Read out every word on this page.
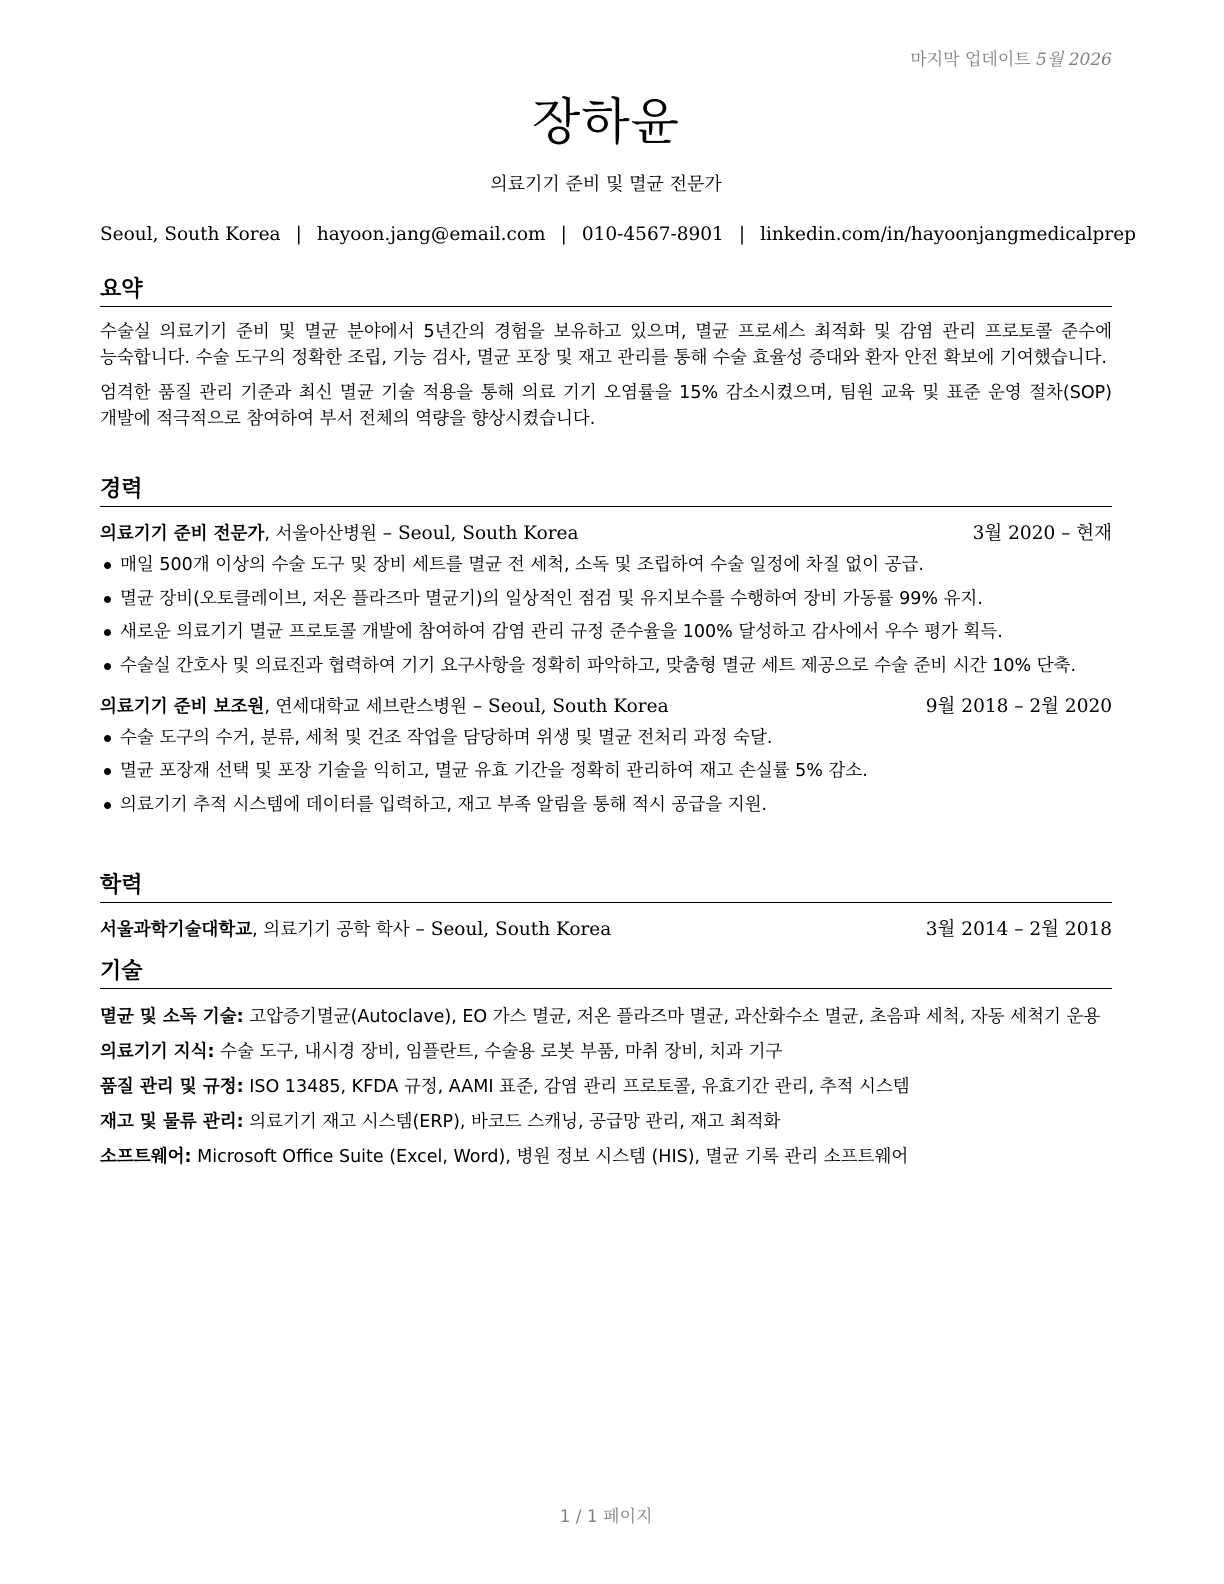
마지막 업데이트 5월 2026
장하윤
의료기기 준비 및 멸균 전문가
Seoul, South Korea | hayoon.jang@email.com | 010-4567-8901 | linkedin.com/in/hayoonjangmedicalprep
요약

수술실 의료기기 준비 및 멸균 분야에서 5년간의 경험을 보유하고 있으며, 멸균 프로세스 최적화 및 감염 관리 프로토콜 준수에 능숙합니다. 수술 도구의 정확한 조립, 기능 검사, 멸균 포장 및 재고 관리를 통해 수술 효율성 증대와 환자 안전 확보에 기여했습니다.

엄격한 품질 관리 기준과 최신 멸균 기술 적용을 통해 의료 기기 오염률을 15% 감소시켰으며, 팀원 교육 및 표준 운영 절차(SOP) 개발에 적극적으로 참여하여 부서 전체의 역량을 향상시켰습니다.

경력
의료기기 준비 전문가, 서울아산병원 – Seoul, South Korea	3월 2020 – 현재
매일 500개 이상의 수술 도구 및 장비 세트를 멸균 전 세척, 소독 및 조립하여 수술 일정에 차질 없이 공급.
멸균 장비(오토클레이브, 저온 플라즈마 멸균기)의 일상적인 점검 및 유지보수를 수행하여 장비 가동률 99% 유지.
새로운 의료기기 멸균 프로토콜 개발에 참여하여 감염 관리 규정 준수율을 100% 달성하고 감사에서 우수 평가 획득.
수술실 간호사 및 의료진과 협력하여 기기 요구사항을 정확히 파악하고, 맞춤형 멸균 세트 제공으로 수술 준비 시간 10% 단축.
의료기기 준비 보조원, 연세대학교 세브란스병원 – Seoul, South Korea	9월 2018 – 2월 2020
수술 도구의 수거, 분류, 세척 및 건조 작업을 담당하며 위생 및 멸균 전처리 과정 숙달.
멸균 포장재 선택 및 포장 기술을 익히고, 멸균 유효 기간을 정확히 관리하여 재고 손실률 5% 감소.
의료기기 추적 시스템에 데이터를 입력하고, 재고 부족 알림을 통해 적시 공급을 지원.
학력
서울과학기술대학교, 의료기기 공학 학사 – Seoul, South Korea	3월 2014 – 2월 2018
기술

멸균 및 소독 기술: 고압증기멸균(Autoclave), EO 가스 멸균, 저온 플라즈마 멸균, 과산화수소 멸균, 초음파 세척, 자동 세척기 운용

의료기기 지식: 수술 도구, 내시경 장비, 임플란트, 수술용 로봇 부품, 마취 장비, 치과 기구

품질 관리 및 규정: ISO 13485, KFDA 규정, AAMI 표준, 감염 관리 프로토콜, 유효기간 관리, 추적 시스템

재고 및 물류 관리: 의료기기 재고 시스템(ERP), 바코드 스캐닝, 공급망 관리, 재고 최적화

소프트웨어: Microsoft Office Suite (Excel, Word), 병원 정보 시스템 (HIS), 멸균 기록 관리 소프트웨어

1 / 1 페이지
